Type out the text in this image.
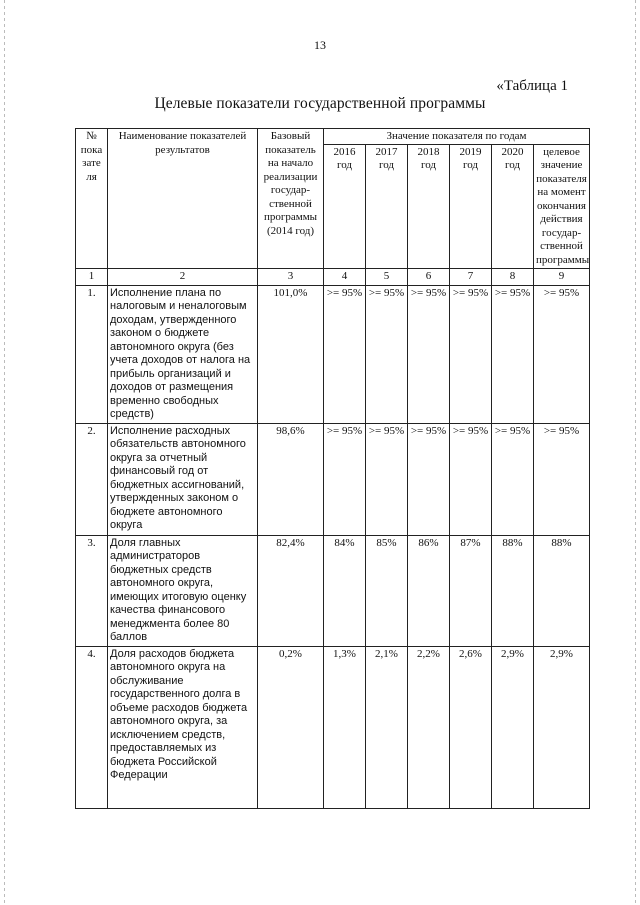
13
«Таблица 1
Целевые показатели государственной программы
№ пока зате ля	Наименование показателей результатов	Базовый показатель на начало реализации государ-ственной программы (2014 год)	Значение показателя по годам					
			2016 год	2017 год	2018 год	2019 год	2020 год	целевое значение показателя на момент окончания действия государ-ственной программы
1	2	3	4	5	6	7	8	9
1.	Исполнение плана по налоговым и неналоговым доходам, утвержденного законом о бюджете автономного округа (без учета доходов от налога на прибыль организаций и доходов от размещения временно свободных средств)	101,0%	>= 95%	>= 95%	>= 95%	>= 95%	>= 95%	>= 95%
2.	Исполнение расходных обязательств автономного округа за отчетный финансовый год от бюджетных ассигнований, утвержденных законом о бюджете автономного округа	98,6%	>= 95%	>= 95%	>= 95%	>= 95%	>= 95%	>= 95%
3.	Доля главных администраторов бюджетных средств автономного округа, имеющих итоговую оценку качества финансового менеджмента более 80 баллов	82,4%	84%	85%	86%	87%	88%	88%
4.	Доля расходов бюджета автономного округа на обслуживание государственного долга в объеме расходов бюджета автономного округа, за исключением средств, предоставляемых из бюджета Российской Федерации	0,2%	1,3%	2,1%	2,2%	2,6%	2,9%	2,9%
